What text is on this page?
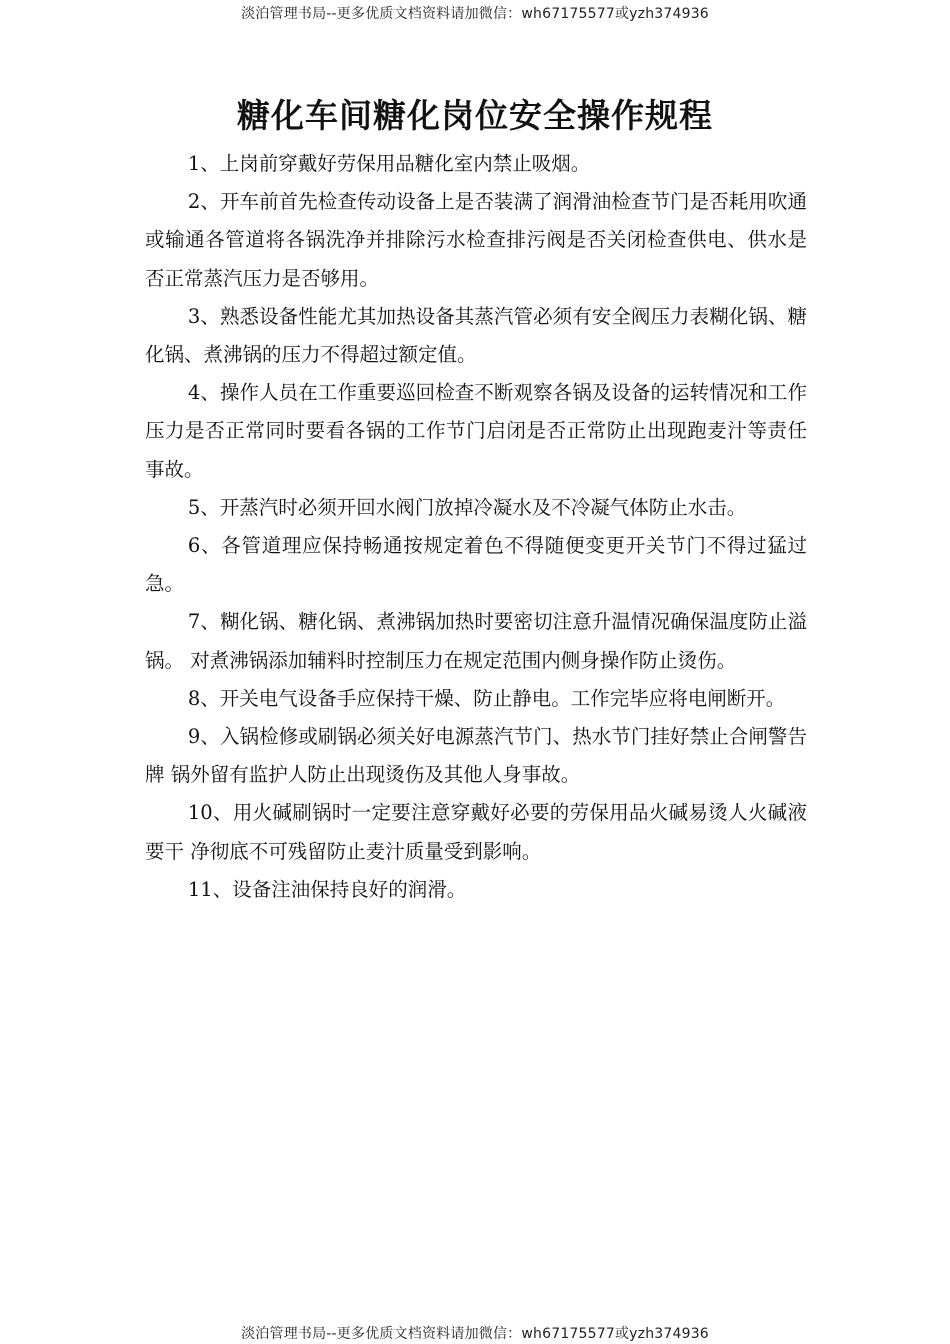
淡泊管理书局--更多优质文档资料请加微信：wh67175577或yzh374936
糖化车间糖化岗位安全操作规程

1、上岗前穿戴好劳保用品糖化室内禁止吸烟。

2、开车前首先检查传动设备上是否装满了润滑油检查节门是否耗用吹通或输通各管道将各锅洗净并排除污水检查排污阀是否关闭检查供电、供水是否正常蒸汽压力是否够用。

3、熟悉设备性能尤其加热设备其蒸汽管必须有安全阀压力表糊化锅、糖化锅、煮沸锅的压力不得超过额定值。

4、操作人员在工作重要巡回检查不断观察各锅及设备的运转情况和工作压力是否正常同时要看各锅的工作节门启闭是否正常防止出现跑麦汁等责任事故。

5、开蒸汽时必须开回水阀门放掉冷凝水及不冷凝气体防止水击。

6、各管道理应保持畅通按规定着色不得随便变更开关节门不得过猛过急。

7、糊化锅、糖化锅、煮沸锅加热时要密切注意升温情况确保温度防止溢锅。 对煮沸锅添加辅料时控制压力在规定范围内侧身操作防止烫伤。

8、开关电气设备手应保持干燥、防止静电。工作完毕应将电闸断开。

9、入锅检修或刷锅必须关好电源蒸汽节门、热水节门挂好禁止合闸警告牌 锅外留有监护人防止出现烫伤及其他人身事故。

10、用火碱刷锅时一定要注意穿戴好必要的劳保用品火碱易烫人火碱液要干 净彻底不可残留防止麦汁质量受到影响。

11、设备注油保持良好的润滑。

淡泊管理书局--更多优质文档资料请加微信：wh67175577或yzh374936
